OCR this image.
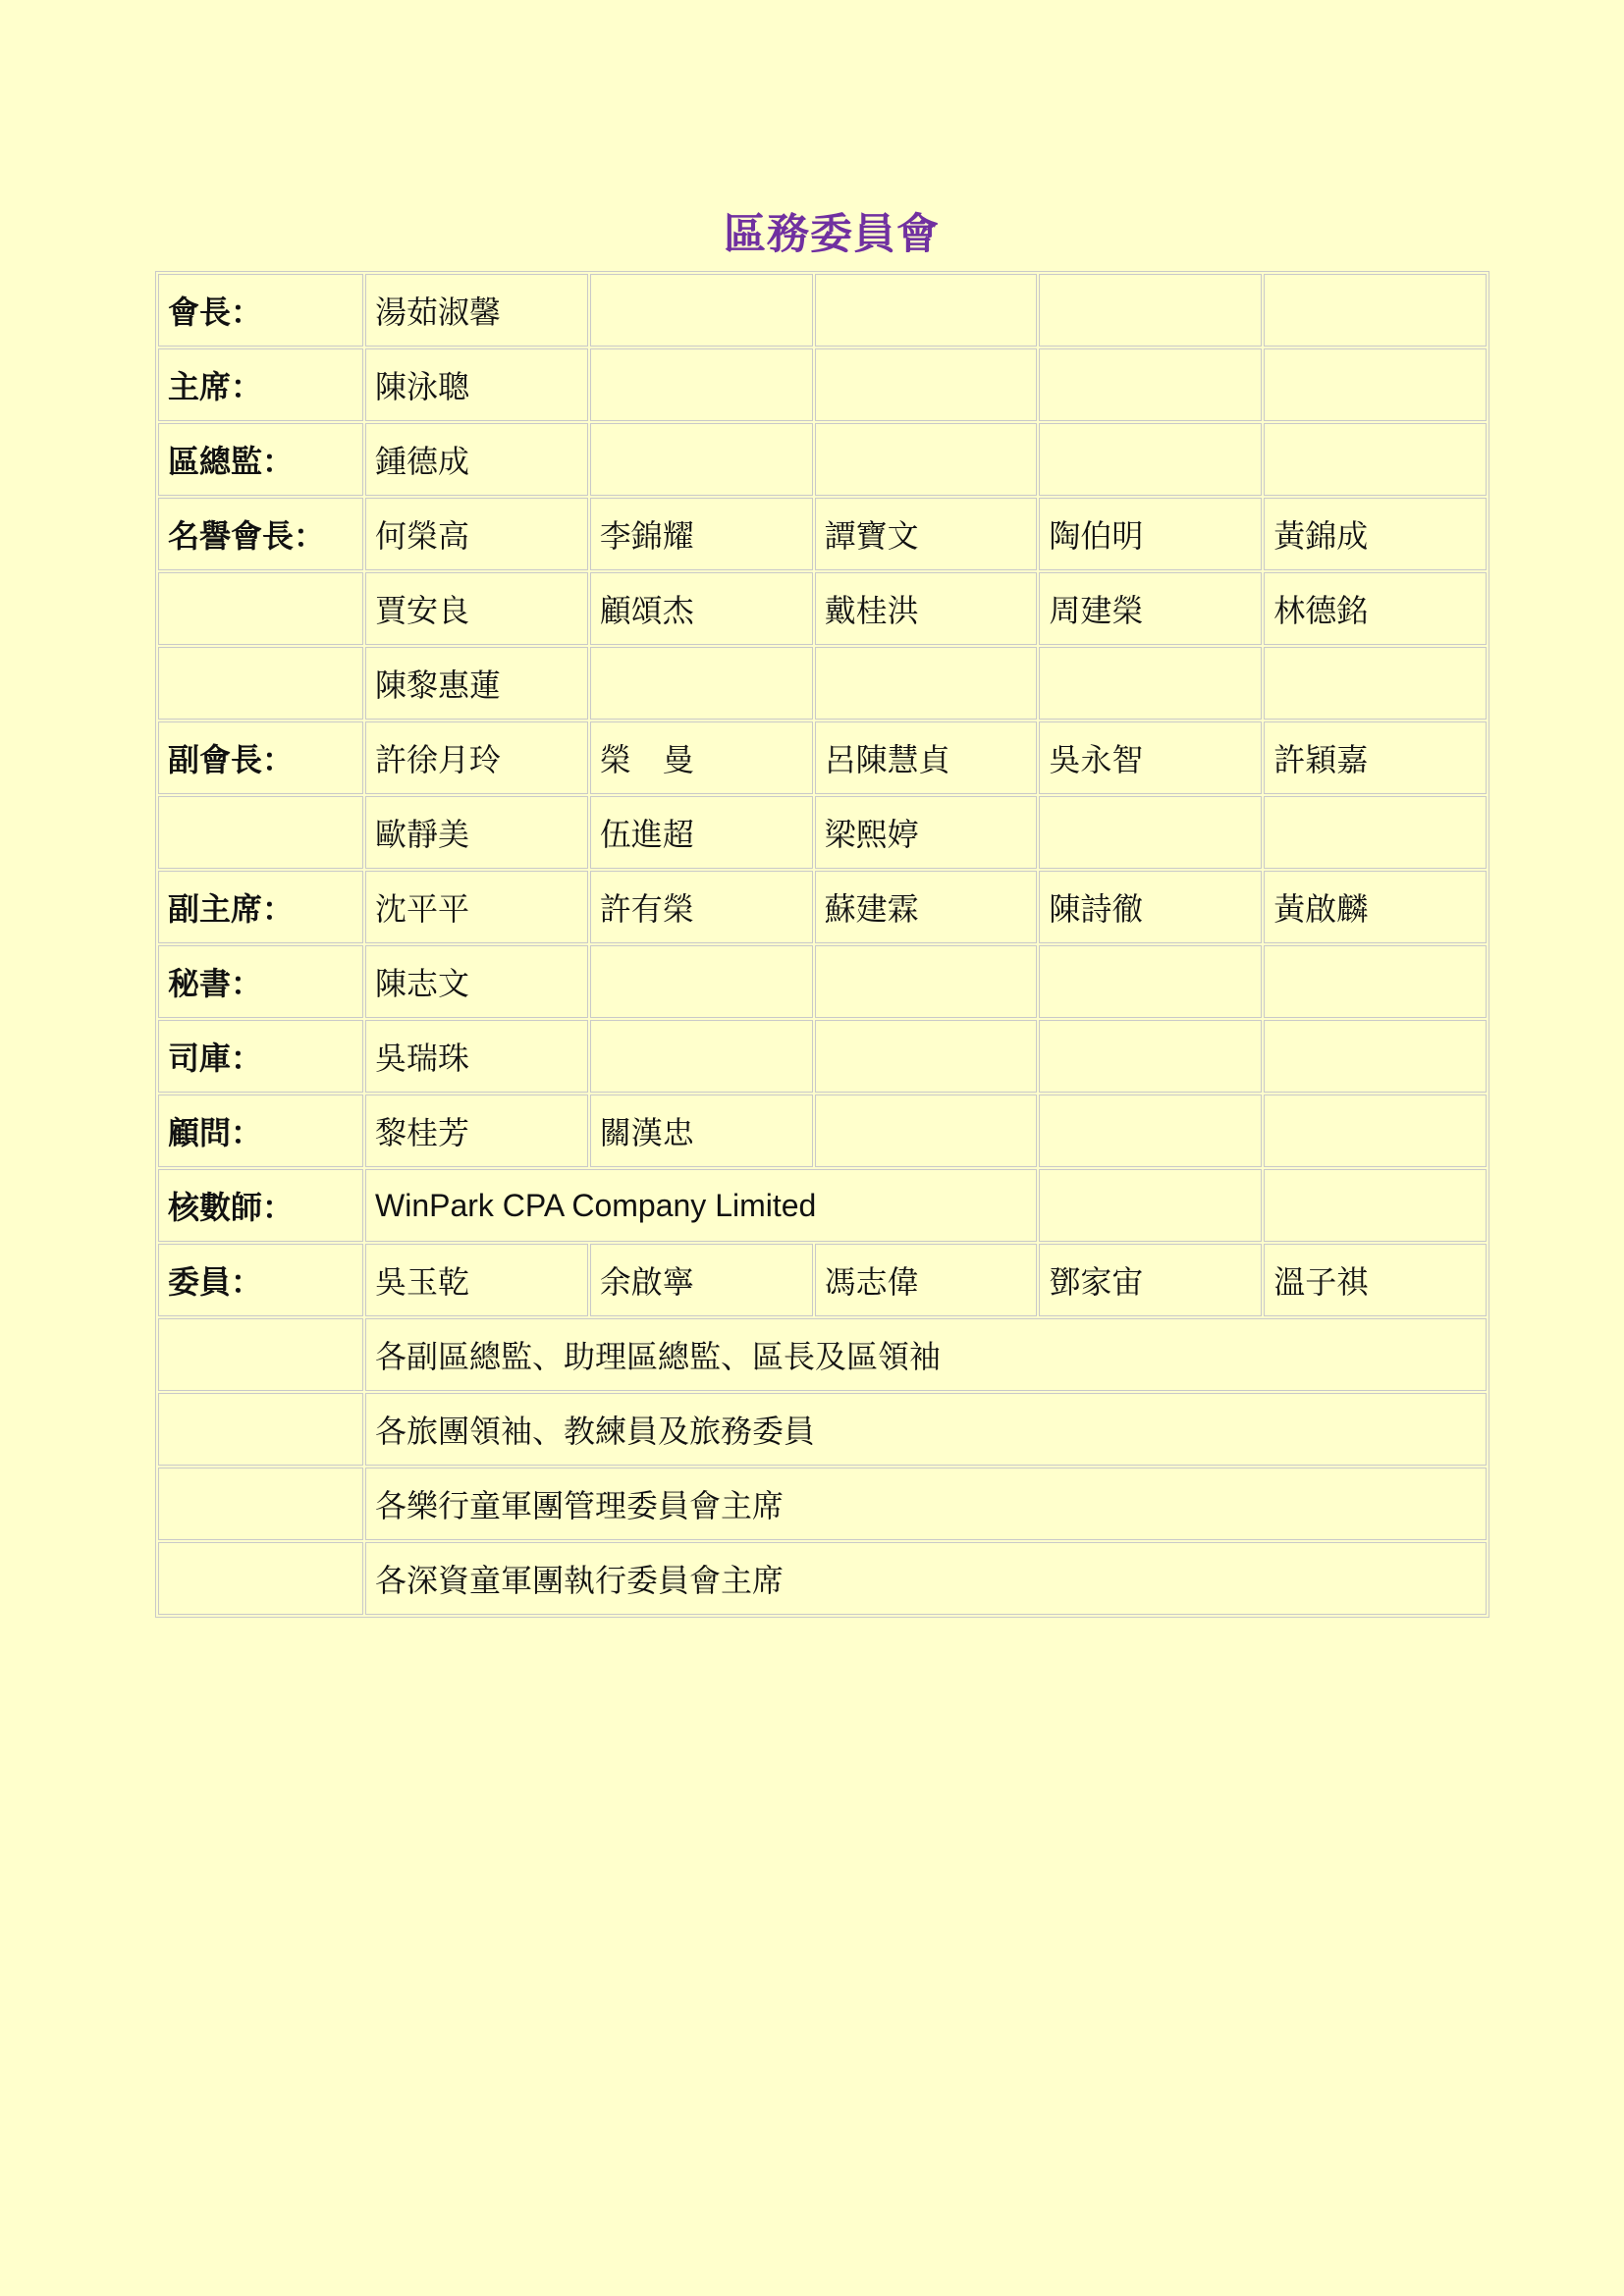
區務委員會
會長：	湯茹淑馨				
主席：	陳泳聰				
區總監：	鍾德成				
名譽會長：	何榮高	李錦耀	譚寶文	陶伯明	黃錦成
	賈安良	顧頌杰	戴桂洪	周建榮	林德銘
	陳黎惠蓮				
副會長：	許徐月玲	榮　曼	呂陳慧貞	吳永智	許穎嘉
	歐靜美	伍進超	梁熙婷		
副主席：	沈平平	許有榮	蘇建霖	陳詩徹	黃啟麟
秘書：	陳志文				
司庫：	吳瑞珠				
顧問：	黎桂芳	關漢忠			
核數師：	WinPark CPA Company Limited				
委員：	吳玉乾	余啟寧	馮志偉	鄧家宙	溫子祺
	各副區總監、助理區總監、區長及區領袖				
	各旅團領袖、教練員及旅務委員				
	各樂行童軍團管理委員會主席				
	各深資童軍團執行委員會主席				
